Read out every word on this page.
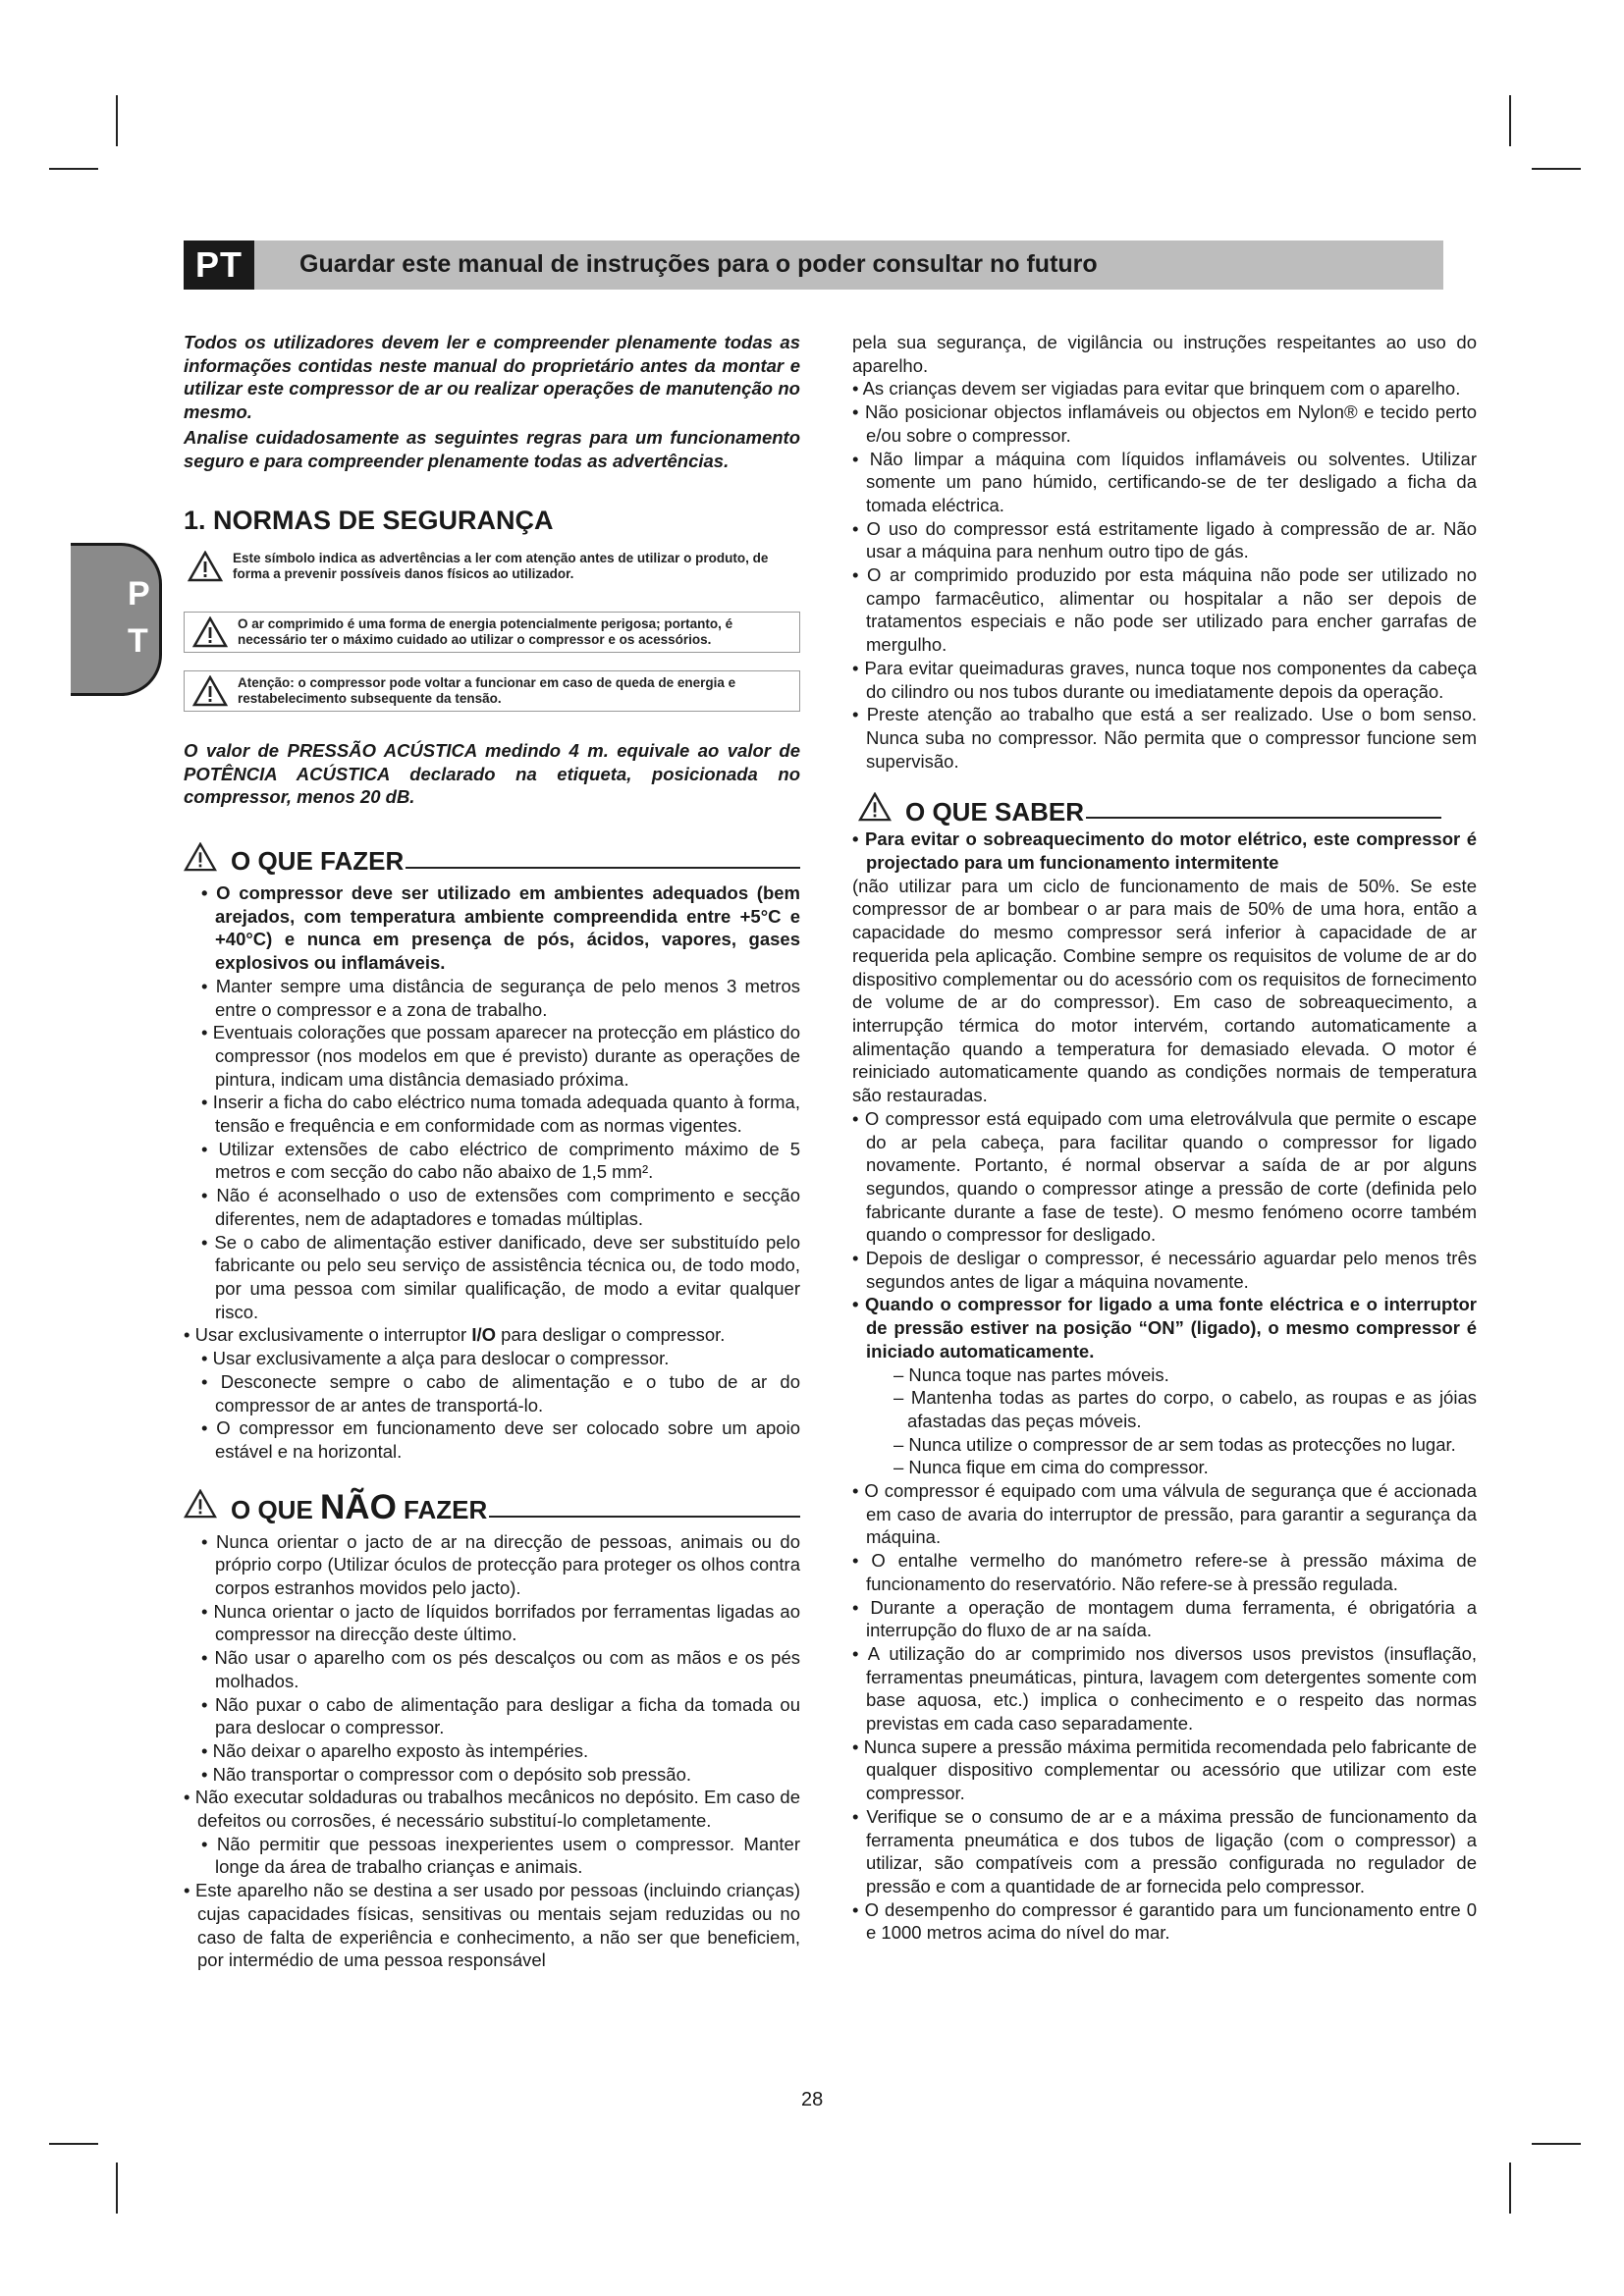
PT	Guardar este manual de instruções para o poder consultar no futuro
P
T

Todos os utilizadores devem ler e compreender plenamente todas as informações contidas neste manual do proprietário antes da montar e utilizar este compressor de ar ou realizar operações de manutenção no mesmo.

Analise cuidadosamente as seguintes regras para um funcionamento seguro e para compreender plenamente todas as advertências.

1. NORMAS DE SEGURANÇA
Este símbolo indica as advertências a ler com atenção antes de utilizar o produto, de forma a prevenir possíveis danos físicos ao utilizador.
O ar comprimido é uma forma de energia potencialmente perigosa; portanto, é necessário ter o máximo cuidado ao utilizar o compressor e os acessórios.
Atenção: o compressor pode voltar a funcionar em caso de queda de energia e restabelecimento subsequente da tensão.

O valor de PRESSÃO ACÚSTICA medindo 4 m. equivale ao valor de POTÊNCIA ACÚSTICA declarado na etiqueta, posicionada no compressor, menos 20 dB.

O QUE FAZER

• O compressor deve ser utilizado em ambientes adequados (bem arejados, com temperatura ambiente compreendida entre +5°C e +40°C) e nunca em presença de pós, ácidos, vapores, gases explosivos ou inflamáveis.

• Manter sempre uma distância de segurança de pelo menos 3 metros entre o compressor e a zona de trabalho.

• Eventuais colorações que possam aparecer na protecção em plástico do compressor (nos modelos em que é previsto) durante as operações de pintura, indicam uma distância demasiado próxima.

• Inserir a ficha do cabo eléctrico numa tomada adequada quanto à forma, tensão e frequência e em conformidade com as normas vigentes.

• Utilizar extensões de cabo eléctrico de comprimento máximo de 5 metros e com secção do cabo não abaixo de 1,5 mm².

• Não é aconselhado o uso de extensões com comprimento e secção diferentes, nem de adaptadores e tomadas múltiplas.

• Se o cabo de alimentação estiver danificado, deve ser substituído pelo fabricante ou pelo seu serviço de assistência técnica ou, de todo modo, por uma pessoa com similar qualificação, de modo a evitar qualquer risco.

• Usar exclusivamente o interruptor I/O para desligar o compressor.

• Usar exclusivamente a alça para deslocar o compressor.

• Desconecte sempre o cabo de alimentação e o tubo de ar do compressor de ar antes de transportá-lo.

• O compressor em funcionamento deve ser colocado sobre um apoio estável e na horizontal.

O QUE NÃO FAZER

• Nunca orientar o jacto de ar na direcção de pessoas, animais ou do próprio corpo (Utilizar óculos de protecção para proteger os olhos contra corpos estranhos movidos pelo jacto).

• Nunca orientar o jacto de líquidos borrifados por ferramentas ligadas ao compressor na direcção deste último.

• Não usar o aparelho com os pés descalços ou com as mãos e os pés molhados.

• Não puxar o cabo de alimentação para desligar a ficha da tomada ou para deslocar o compressor.

• Não deixar o aparelho exposto às intempéries.

• Não transportar o compressor com o depósito sob pressão.

• Não executar soldaduras ou trabalhos mecânicos no depósito. Em caso de defeitos ou corrosões, é necessário substituí-lo completamente.

• Não permitir que pessoas inexperientes usem o compressor. Manter longe da área de trabalho crianças e animais.

• Este aparelho não se destina a ser usado por pessoas (incluindo crianças) cujas capacidades físicas, sensitivas ou mentais sejam reduzidas ou no caso de falta de experiência e conhecimento, a não ser que beneficiem, por intermédio de uma pessoa responsável

pela sua segurança, de vigilância ou instruções respeitantes ao uso do aparelho.

• As crianças devem ser vigiadas para evitar que brinquem com o aparelho.

• Não posicionar objectos inflamáveis ou objectos em Nylon® e tecido perto e/ou sobre o compressor.

• Não limpar a máquina com líquidos inflamáveis ou solventes. Utilizar somente um pano húmido, certificando-se de ter desligado a ficha da tomada eléctrica.

• O uso do compressor está estritamente ligado à compressão de ar. Não usar a máquina para nenhum outro tipo de gás.

• O ar comprimido produzido por esta máquina não pode ser utilizado no campo farmacêutico, alimentar ou hospitalar a não ser depois de tratamentos especiais e não pode ser utilizado para encher garrafas de mergulho.

• Para evitar queimaduras graves, nunca toque nos componentes da cabeça do cilindro ou nos tubos durante ou imediatamente depois da operação.

• Preste atenção ao trabalho que está a ser realizado. Use o bom senso. Nunca suba no compressor. Não permita que o compressor funcione sem supervisão.

O QUE SABER

• Para evitar o sobreaquecimento do motor elétrico, este compressor é projectado para um funcionamento intermitente

(não utilizar para um ciclo de funcionamento de mais de 50%. Se este compressor de ar bombear o ar para mais de 50% de uma hora, então a capacidade do mesmo compressor será inferior à capacidade de ar requerida pela aplicação. Combine sempre os requisitos de volume de ar do dispositivo complementar ou do acessório com os requisitos de fornecimento de volume de ar do compressor). Em caso de sobreaquecimento, a interrupção térmica do motor intervém, cortando automaticamente a alimentação quando a temperatura for demasiado elevada. O motor é reiniciado automaticamente quando as condições normais de temperatura são restauradas.

• O compressor está equipado com uma eletroválvula que permite o escape do ar pela cabeça, para facilitar quando o compressor for ligado novamente. Portanto, é normal observar a saída de ar por alguns segundos, quando o compressor atinge a pressão de corte (definida pelo fabricante durante a fase de teste). O mesmo fenómeno ocorre também quando o compressor for desligado.

• Depois de desligar o compressor, é necessário aguardar pelo menos três segundos antes de ligar a máquina novamente.

• Quando o compressor for ligado a uma fonte eléctrica e o interruptor de pressão estiver na posição “ON” (ligado), o mesmo compressor é iniciado automaticamente.

– Nunca toque nas partes móveis.

– Mantenha todas as partes do corpo, o cabelo, as roupas e as jóias afastadas das peças móveis.

– Nunca utilize o compressor de ar sem todas as protecções no lugar.

– Nunca fique em cima do compressor.

• O compressor é equipado com uma válvula de segurança que é accionada em caso de avaria do interruptor de pressão, para garantir a segurança da máquina.

• O entalhe vermelho do manómetro refere-se à pressão máxima de funcionamento do reservatório. Não refere-se à pressão regulada.

• Durante a operação de montagem duma ferramenta, é obrigatória a interrupção do fluxo de ar na saída.

• A utilização do ar comprimido nos diversos usos previstos (insuflação, ferramentas pneumáticas, pintura, lavagem com detergentes somente com base aquosa, etc.) implica o conhecimento e o respeito das normas previstas em cada caso separadamente.

• Nunca supere a pressão máxima permitida recomendada pelo fabricante de qualquer dispositivo complementar ou acessório que utilizar com este compressor.

• Verifique se o consumo de ar e a máxima pressão de funcionamento da ferramenta pneumática e dos tubos de ligação (com o compressor) a utilizar, são compatíveis com a pressão configurada no regulador de pressão e com a quantidade de ar fornecida pelo compressor.

• O desempenho do compressor é garantido para um funcionamento entre 0 e 1000 metros acima do nível do mar.

28
